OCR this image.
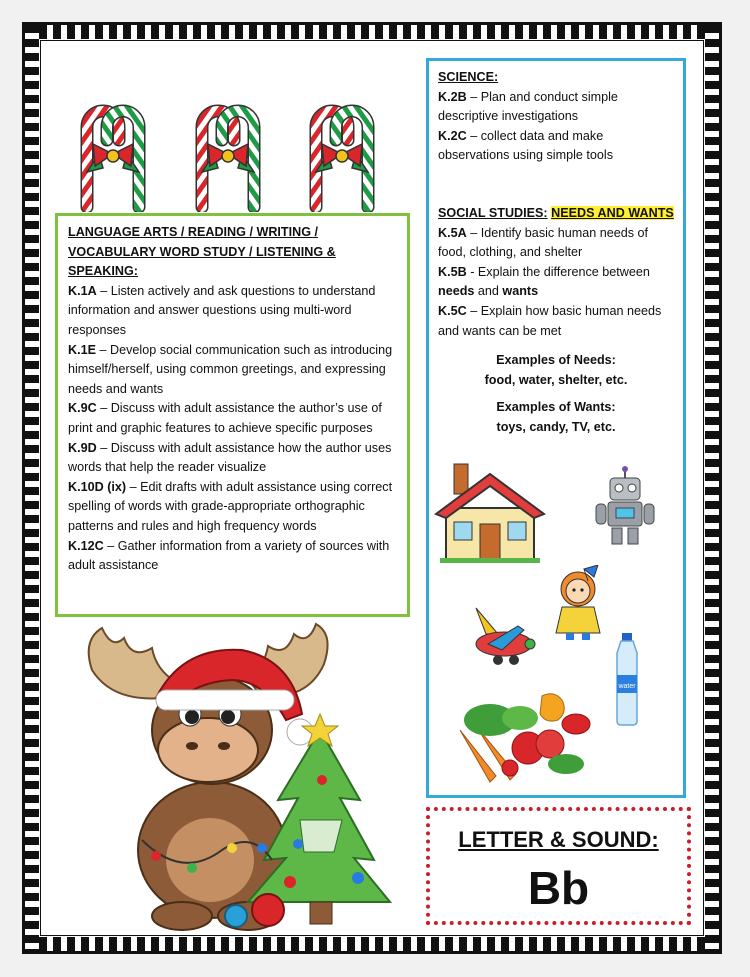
LANGUAGE ARTS / READING / WRITING /

VOCABULARY WORD STUDY / LISTENING &

SPEAKING:

K.1A – Listen actively and ask questions to understand information and answer questions using multi-word responses

K.1E – Develop social communication such as introducing himself/herself, using common greetings, and expressing needs and wants

K.9C – Discuss with adult assistance the author’s use of print and graphic features to achieve specific purposes

K.9D – Discuss with adult assistance how the author uses words that help the reader visualize

K.10D (ix) – Edit drafts with adult assistance using correct spelling of words with grade-appropriate orthographic patterns and rules and high frequency words

K.12C – Gather information from a variety of sources with adult assistance

SCIENCE:

K.2B – Plan and conduct simple descriptive investigations

K.2C – collect data and make observations using simple tools

SOCIAL STUDIES: NEEDS AND WANTS

K.5A – Identify basic human needs of food, clothing, and shelter

K.5B - Explain the difference between needs and wants

K.5C – Explain how basic human needs and wants can be met

Examples of Needs:

food, water, shelter, etc.

Examples of Wants:

toys, candy, TV, etc.

water
LETTER & SOUND:
Bb
